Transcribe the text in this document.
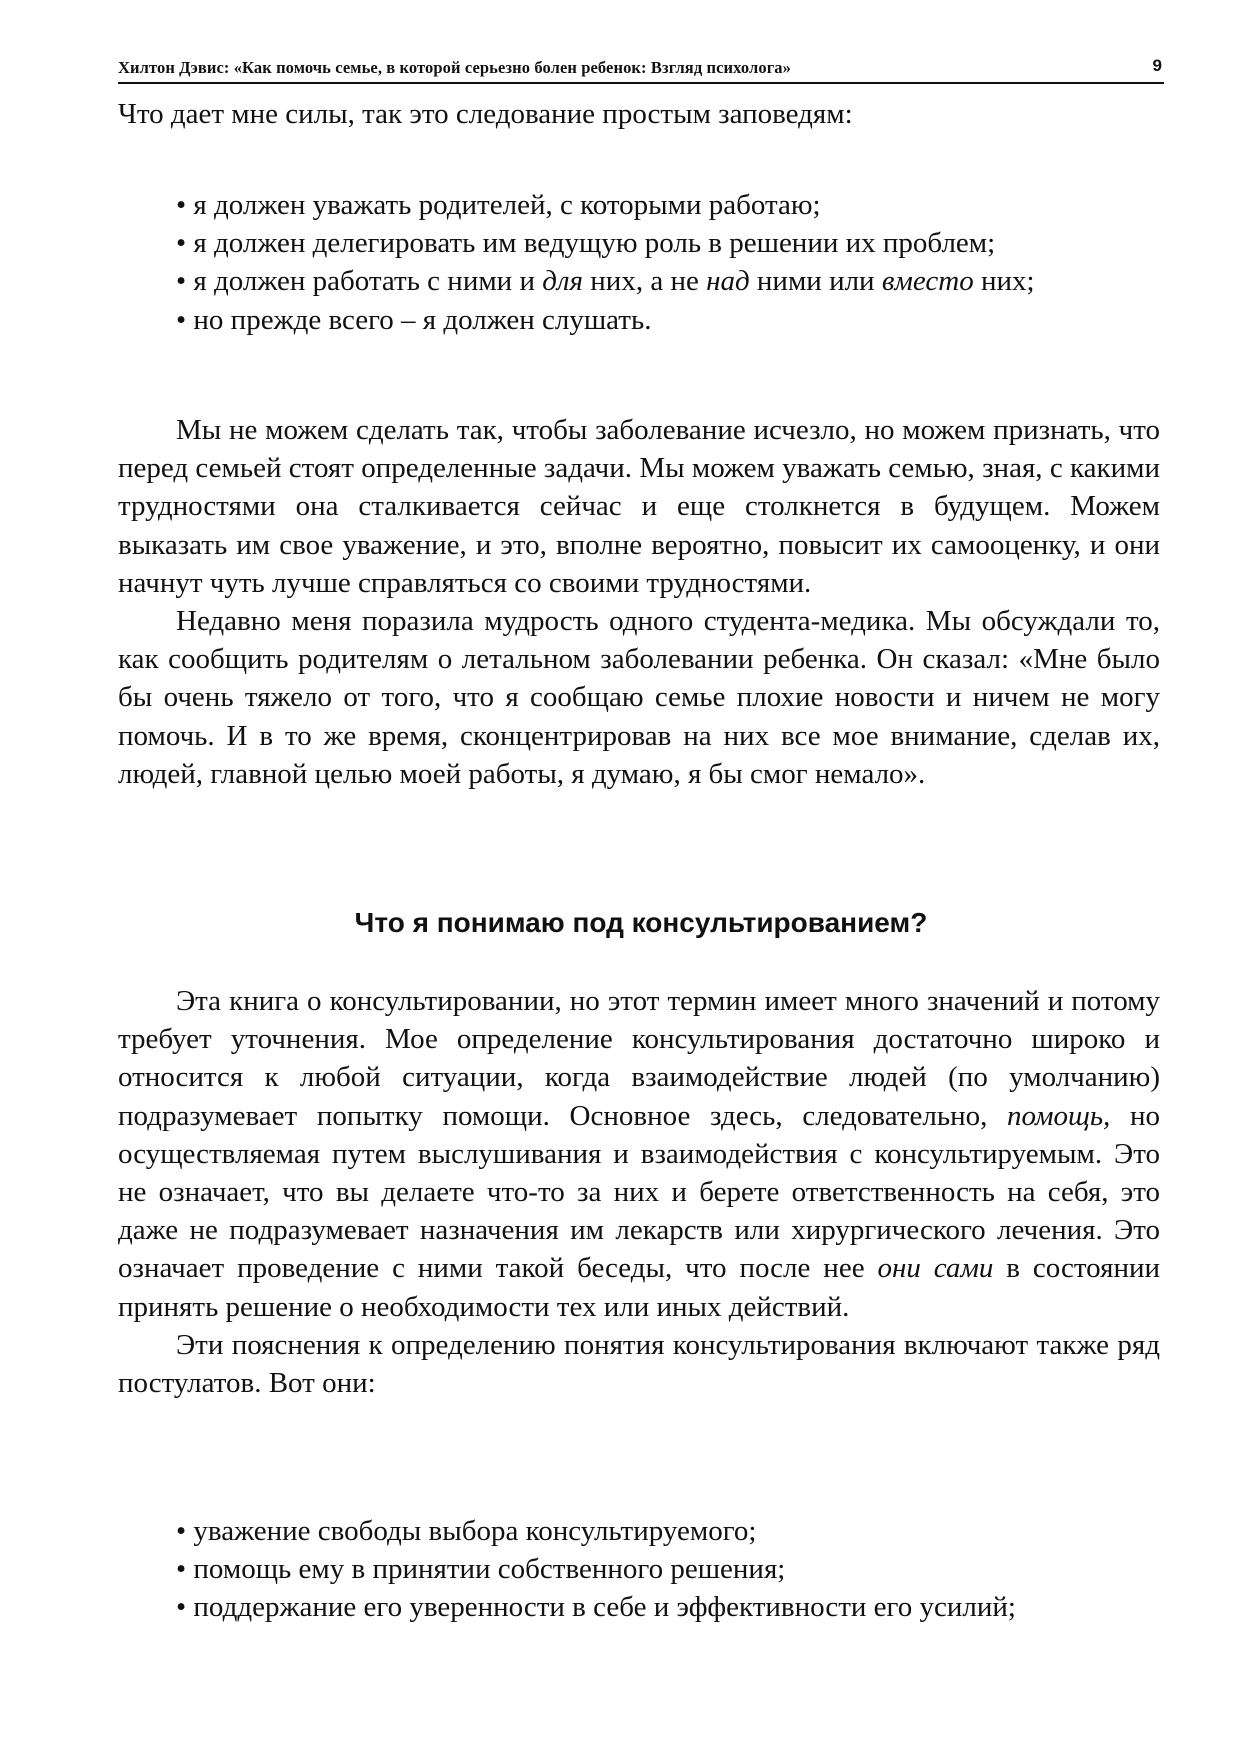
Хилтон Дэвис: «Как помочь семье, в которой серьезно болен ребенок: Взгляд психолога»	9

Что дает мне силы, так это следование простым заповедям:

• я должен уважать родителей, с которыми работаю;

• я должен делегировать им ведущую роль в решении их проблем;

• я должен работать с ними и для них, а не над ними или вместо них;

• но прежде всего – я должен слушать.

Мы не можем сделать так, чтобы заболевание исчезло, но можем признать, что перед семьей стоят определенные задачи. Мы можем уважать семью, зная, с какими трудностями она сталкивается сейчас и еще столкнется в будущем. Можем выказать им свое уважение, и это, вполне вероятно, повысит их самооценку, и они начнут чуть лучше справляться со своими трудностями.

Недавно меня поразила мудрость одного студента-медика. Мы обсуждали то, как сообщить родителям о летальном заболевании ребенка. Он сказал: «Мне было бы очень тяжело от того, что я сообщаю семье плохие новости и ничем не могу помочь. И в то же время, сконцентрировав на них все мое внимание, сделав их, людей, главной целью моей работы, я думаю, я бы смог немало».

Что я понимаю под консультированием?

Эта книга о консультировании, но этот термин имеет много значений и потому требует уточнения. Мое определение консультирования достаточно широко и относится к любой ситуации, когда взаимодействие людей (по умолчанию) подразумевает попытку помощи. Основное здесь, следовательно, помощь, но осуществляемая путем выслушивания и взаимодействия с консультируемым. Это не означает, что вы делаете что-то за них и берете ответственность на себя, это даже не подразумевает назначения им лекарств или хирургического лечения. Это означает проведение с ними такой беседы, что после нее они сами в состоянии принять решение о необходимости тех или иных действий.

Эти пояснения к определению понятия консультирования включают также ряд постулатов. Вот они:

• уважение свободы выбора консультируемого;

• помощь ему в принятии собственного решения;

• поддержание его уверенности в себе и эффективности его усилий;
